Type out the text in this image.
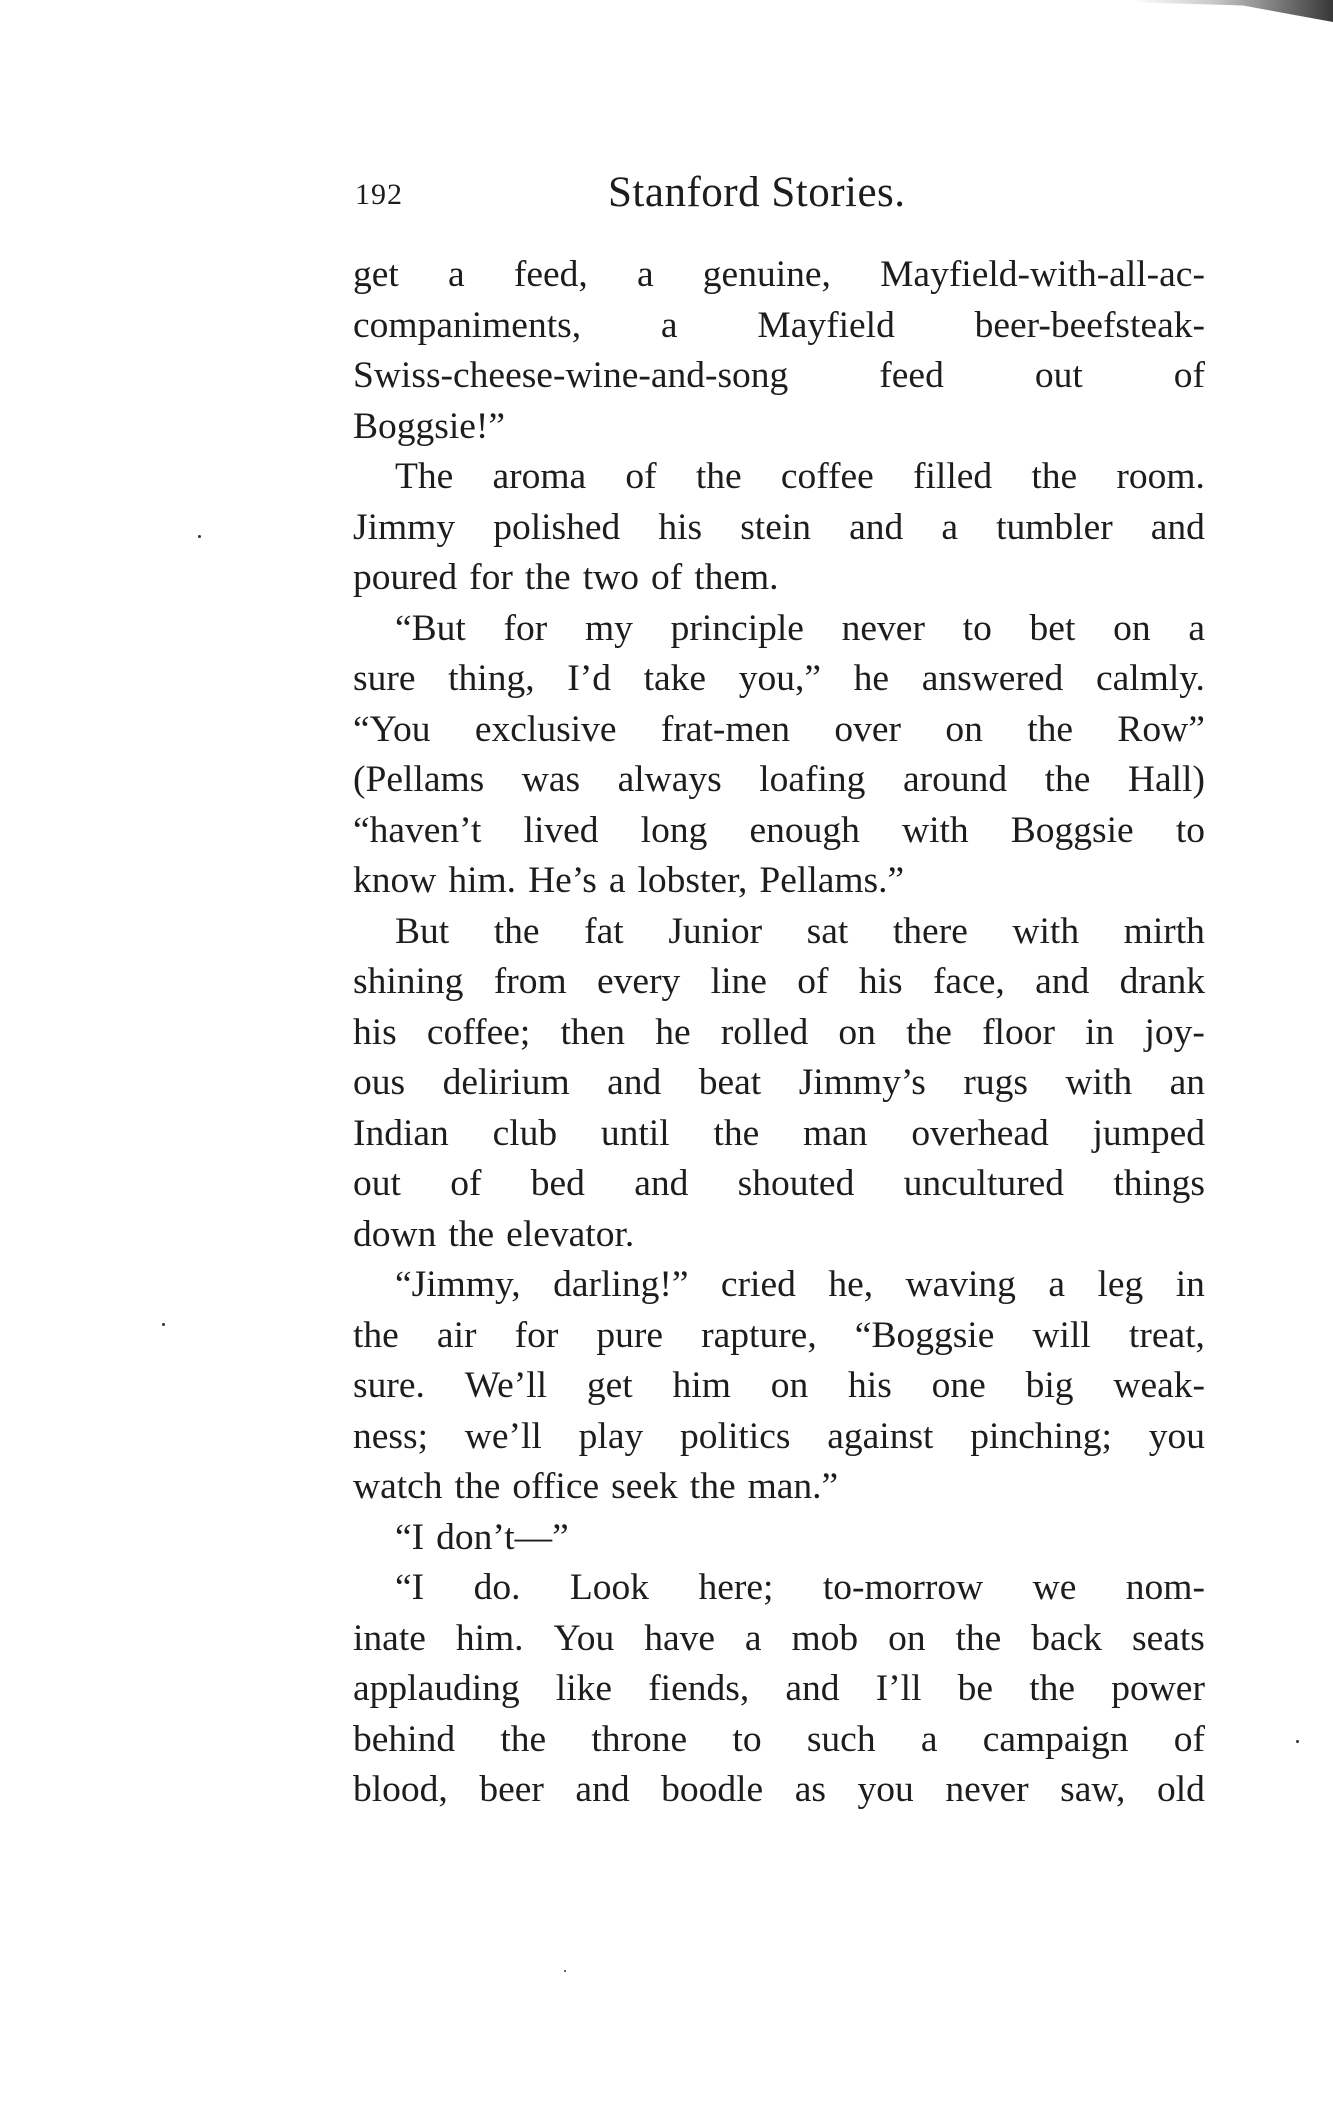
192	Stanford Stories.
get a feed, a genuine, Mayfield-with-all-ac-
companiments, a Mayfield beer-beefsteak-
Swiss-cheese-wine-and-song feed out of
Boggsie!”
The aroma of the coffee filled the room.
Jimmy polished his stein and a tumbler and
poured for the two of them.
“But for my principle never to bet on a
sure thing, I’d take you,” he answered calmly.
“You exclusive frat-men over on the Row”
(Pellams was always loafing around the Hall)
“haven’t lived long enough with Boggsie to
know him. He’s a lobster, Pellams.”
But the fat Junior sat there with mirth
shining from every line of his face, and drank
his coffee; then he rolled on the floor in joy-
ous delirium and beat Jimmy’s rugs with an
Indian club until the man overhead jumped
out of bed and shouted uncultured things
down the elevator.
“Jimmy, darling!” cried he, waving a leg in
the air for pure rapture, “Boggsie will treat,
sure. We’ll get him on his one big weak-
ness; we’ll play politics against pinching; you
watch the office seek the man.”
“I don’t—”
“I do. Look here; to-morrow we nom-
inate him. You have a mob on the back seats
applauding like fiends, and I’ll be the power
behind the throne to such a campaign of
blood, beer and boodle as you never saw, old
